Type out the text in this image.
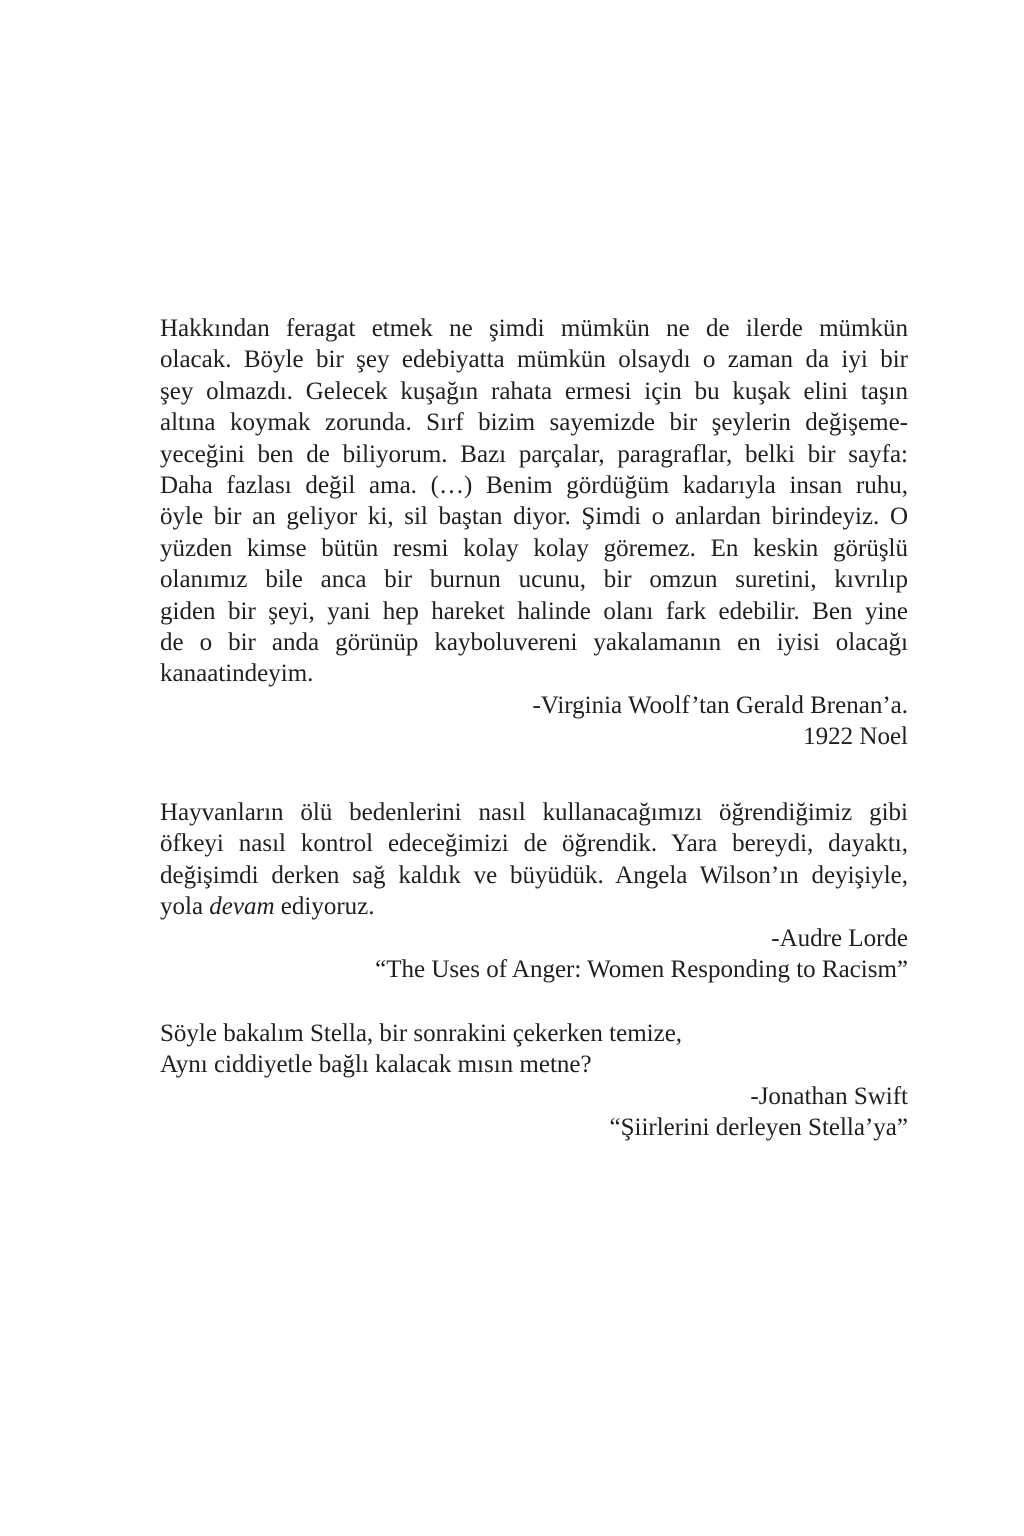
Hakkından feragat etmek ne şimdi mümkün ne de ilerde mümkün
olacak. Böyle bir şey edebiyatta mümkün olsaydı o zaman da iyi bir
şey olmazdı. Gelecek kuşağın rahata ermesi için bu kuşak elini taşın
altına koymak zorunda. Sırf bizim sayemizde bir şeylerin değişeme-
yeceğini ben de biliyorum. Bazı parçalar, paragraflar, belki bir sayfa:
Daha fazlası değil ama. (…) Benim gördüğüm kadarıyla insan ruhu,
öyle bir an geliyor ki, sil baştan diyor. Şimdi o anlardan birindeyiz. O
yüzden kimse bütün resmi kolay kolay göremez. En keskin görüşlü
olanımız bile anca bir burnun ucunu, bir omzun suretini, kıvrılıp
giden bir şeyi, yani hep hareket halinde olanı fark edebilir. Ben yine
de o bir anda görünüp kayboluvereni yakalamanın en iyisi olacağı
kanaatindeyim.
-Virginia Woolf’tan Gerald Brenan’a.
1922 Noel
Hayvanların ölü bedenlerini nasıl kullanacağımızı öğrendiğimiz gibi
öfkeyi nasıl kontrol edeceğimizi de öğrendik. Yara bereydi, dayaktı,
değişimdi derken sağ kaldık ve büyüdük. Angela Wilson’ın deyişiyle,
yola devam ediyoruz.
-Audre Lorde
“The Uses of Anger: Women Responding to Racism”
Söyle bakalım Stella, bir sonrakini çekerken temize,
Aynı ciddiyetle bağlı kalacak mısın metne?
-Jonathan Swift
“Şiirlerini derleyen Stella’ya”
